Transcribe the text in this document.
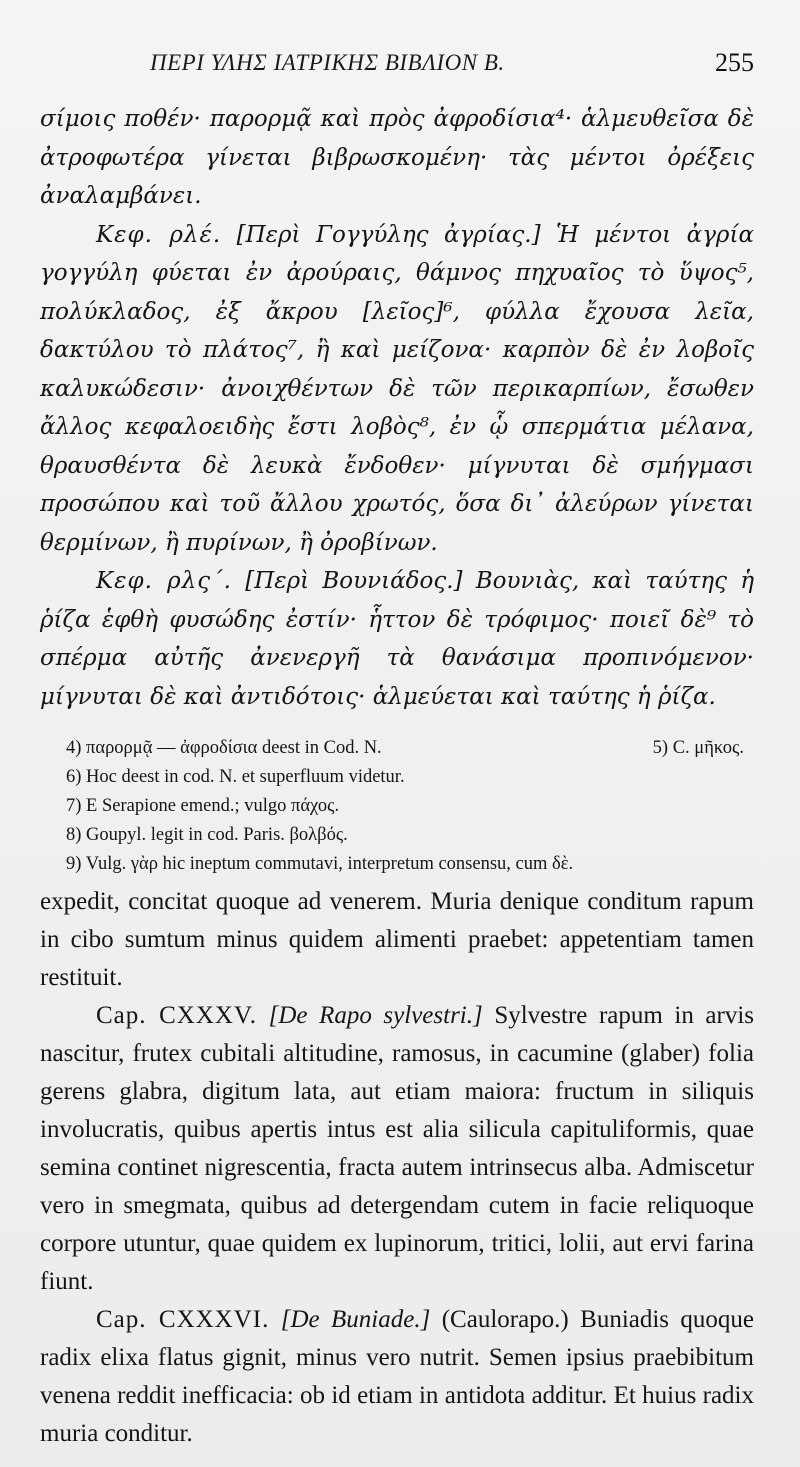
ΠΕΡΙ ΥΛΗΣ ΙΑΤΡΙΚΗΣ ΒΙΒΛΙΟΝ Β.	255

σίμοις ποθέν· παρορμᾷ καὶ πρὸς ἀφροδίσια⁴· ἁλμευθεῖσα δὲ ἀτροφωτέρα γίνεται βιβρωσκομένη· τὰς μέντοι ὀρέξεις ἀναλαμβάνει.

Κεφ. ρλέ. [Περὶ Γογγύλης ἀγρίας.] Ἡ μέντοι ἀγρία γογγύλη φύεται ἐν ἀρούραις, θάμνος πηχυαῖος τὸ ὕψος⁵, πολύκλαδος, ἐξ ἄκρου [λεῖος]⁶, φύλλα ἔχουσα λεῖα, δακτύλου τὸ πλάτος⁷, ἢ καὶ μείζονα· καρπὸν δὲ ἐν λοβοῖς καλυκώδεσιν· ἀνοιχθέντων δὲ τῶν περικαρπίων, ἔσωθεν ἄλλος κεφαλοειδὴς ἔστι λοβὸς⁸, ἐν ᾧ σπερμάτια μέλανα, θραυσθέντα δὲ λευκὰ ἔνδοθεν· μίγνυται δὲ σμήγμασι προσώπου καὶ τοῦ ἄλλου χρωτός, ὅσα δι᾽ ἀλεύρων γίνεται θερμίνων, ἢ πυρίνων, ἢ ὀροβίνων.

Κεφ. ρλς΄. [Περὶ Βουνιάδος.] Βουνιὰς, καὶ ταύτης ἡ ῥίζα ἑφθὴ φυσώδης ἐστίν· ἧττον δὲ τρόφιμος· ποιεῖ δὲ⁹ τὸ σπέρμα αὐτῆς ἀνενεργῆ τὰ θανάσιμα προπινόμενον· μίγνυται δὲ καὶ ἀντιδότοις· ἁλμεύεται καὶ ταύτης ἡ ῥίζα.

4) παρορμᾷ — ἀφροδίσια deest in Cod. N.	5) C. μῆκος.
6) Hoc deest in cod. N. et superfluum videtur.
7) E Serapione emend.; vulgo πάχος.
8) Goupyl. legit in cod. Paris. βολβός.
9) Vulg. γὰρ hic ineptum commutavi, interpretum consensu, cum δὲ.

expedit, concitat quoque ad venerem. Muria denique conditum rapum in cibo sumtum minus quidem alimenti praebet: appetentiam tamen restituit.

Cap. CXXXV. [De Rapo sylvestri.] Sylvestre rapum in arvis nascitur, frutex cubitali altitudine, ramosus, in cacumine (glaber) folia gerens glabra, digitum lata, aut etiam maiora: fructum in siliquis involucratis, quibus apertis intus est alia silicula capituliformis, quae semina continet nigrescentia, fracta autem intrinsecus alba. Admiscetur vero in smegmata, quibus ad detergendam cutem in facie reliquoque corpore utuntur, quae quidem ex lupinorum, tritici, lolii, aut ervi farina fiunt.

Cap. CXXXVI. [De Buniade.] (Caulorapo.) Buniadis quoque radix elixa flatus gignit, minus vero nutrit. Semen ipsius praebibitum venena reddit inefficacia: ob id etiam in antidota additur. Et huius radix muria conditur.
